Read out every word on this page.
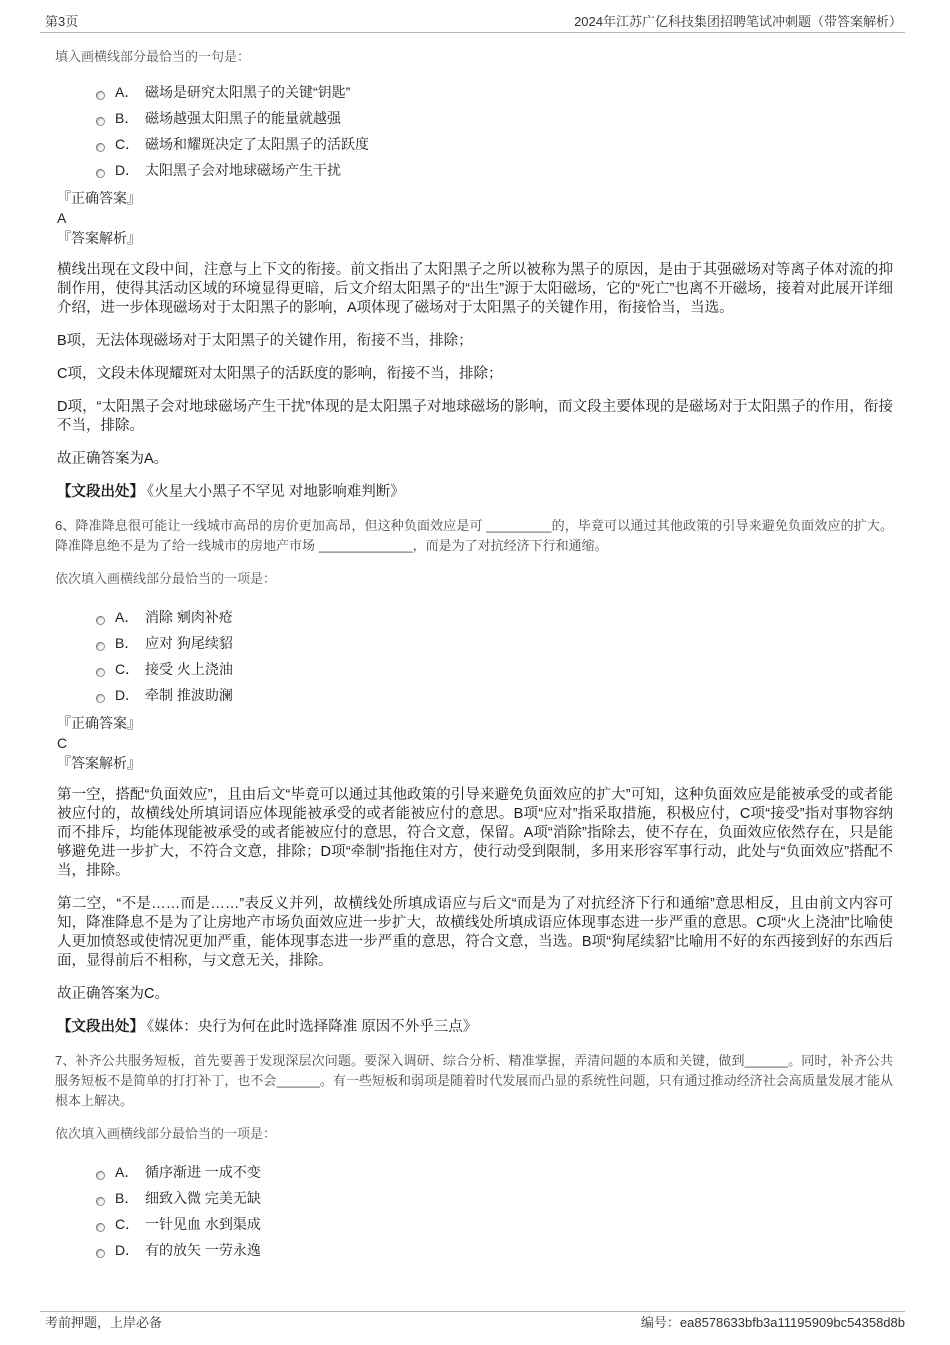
第3页	2024年江苏广亿科技集团招聘笔试冲刺题（带答案解析）
填入画横线部分最恰当的一句是：
A． 磁场是研究太阳黑子的关键“钥匙”
B． 磁场越强太阳黑子的能量就越强
C． 磁场和耀斑决定了太阳黑子的活跃度
D． 太阳黑子会对地球磁场产生干扰
『正确答案』
A
『答案解析』
横线出现在文段中间，注意与上下文的衔接。前文指出了太阳黑子之所以被称为黑子的原因，是由于其强磁场对等离子体对流的抑制作用，使得其活动区域的环境显得更暗，后文介绍太阳黑子的“出生”源于太阳磁场，它的“死亡”也离不开磁场，接着对此展开详细介绍，进一步体现磁场对于太阳黑子的影响，A项体现了磁场对于太阳黑子的关键作用，衔接恰当，当选。
B项，无法体现磁场对于太阳黑子的关键作用，衔接不当，排除；
C项，文段未体现耀斑对太阳黑子的活跃度的影响，衔接不当，排除；
D项，“太阳黑子会对地球磁场产生干扰”体现的是太阳黑子对地球磁场的影响，而文段主要体现的是磁场对于太阳黑子的作用，衔接不当，排除。
故正确答案为A。
【文段出处】 《火星大小黑子不罕见 对地影响难判断》
6、降准降息很可能让一线城市高昂的房价更加高昂，但这种负面效应是可 _________的，毕竟可以通过其他政策的引导来避免负面效应的扩大。降准降息绝不是为了给一线城市的房地产市场 _____________，而是为了对抗经济下行和通缩。
依次填入画横线部分最恰当的一项是：
A． 消除 剜肉补疮
B． 应对 狗尾续貂
C． 接受 火上浇油
D． 牵制 推波助澜
『正确答案』
C
『答案解析』
第一空，搭配“负面效应”，且由后文“毕竟可以通过其他政策的引导来避免负面效应的扩大”可知，这种负面效应是能被承受的或者能被应付的，故横线处所填词语应体现能被承受的或者能被应付的意思。B项“应对”指采取措施，积极应付，C项“接受”指对事物容纳而不排斥，均能体现能被承受的或者能被应付的意思，符合文意，保留。A项“消除”指除去，使不存在，负面效应依然存在，只是能够避免进一步扩大，不符合文意，排除；D项“牵制”指拖住对方，使行动受到限制，多用来形容军事行动，此处与“负面效应”搭配不当，排除。
第二空，“不是……而是……”表反义并列，故横线处所填成语应与后文“而是为了对抗经济下行和通缩”意思相反，且由前文内容可知，降准降息不是为了让房地产市场负面效应进一步扩大，故横线处所填成语应体现事态进一步严重的意思。C项“火上浇油”比喻使人更加愤怒或使情况更加严重，能体现事态进一步严重的意思，符合文意，当选。B项“狗尾续貂”比喻用不好的东西接到好的东西后面，显得前后不相称，与文意无关，排除。
故正确答案为C。
【文段出处】 《媒体：央行为何在此时选择降准 原因不外乎三点》
7、补齐公共服务短板，首先要善于发现深层次问题。要深入调研、综合分析、精准掌握，弄清问题的本质和关键，做到______。同时，补齐公共服务短板不是简单的打打补丁，也不会______。有一些短板和弱项是随着时代发展而凸显的系统性问题，只有通过推动经济社会高质量发展才能从根本上解决。
依次填入画横线部分最恰当的一项是：
A． 循序渐进 一成不变
B． 细致入微 完美无缺
C． 一针见血 水到渠成
D． 有的放矢 一劳永逸
考前押题，上岸必备	编号：ea8578633bfb3a11195909bc54358d8b
